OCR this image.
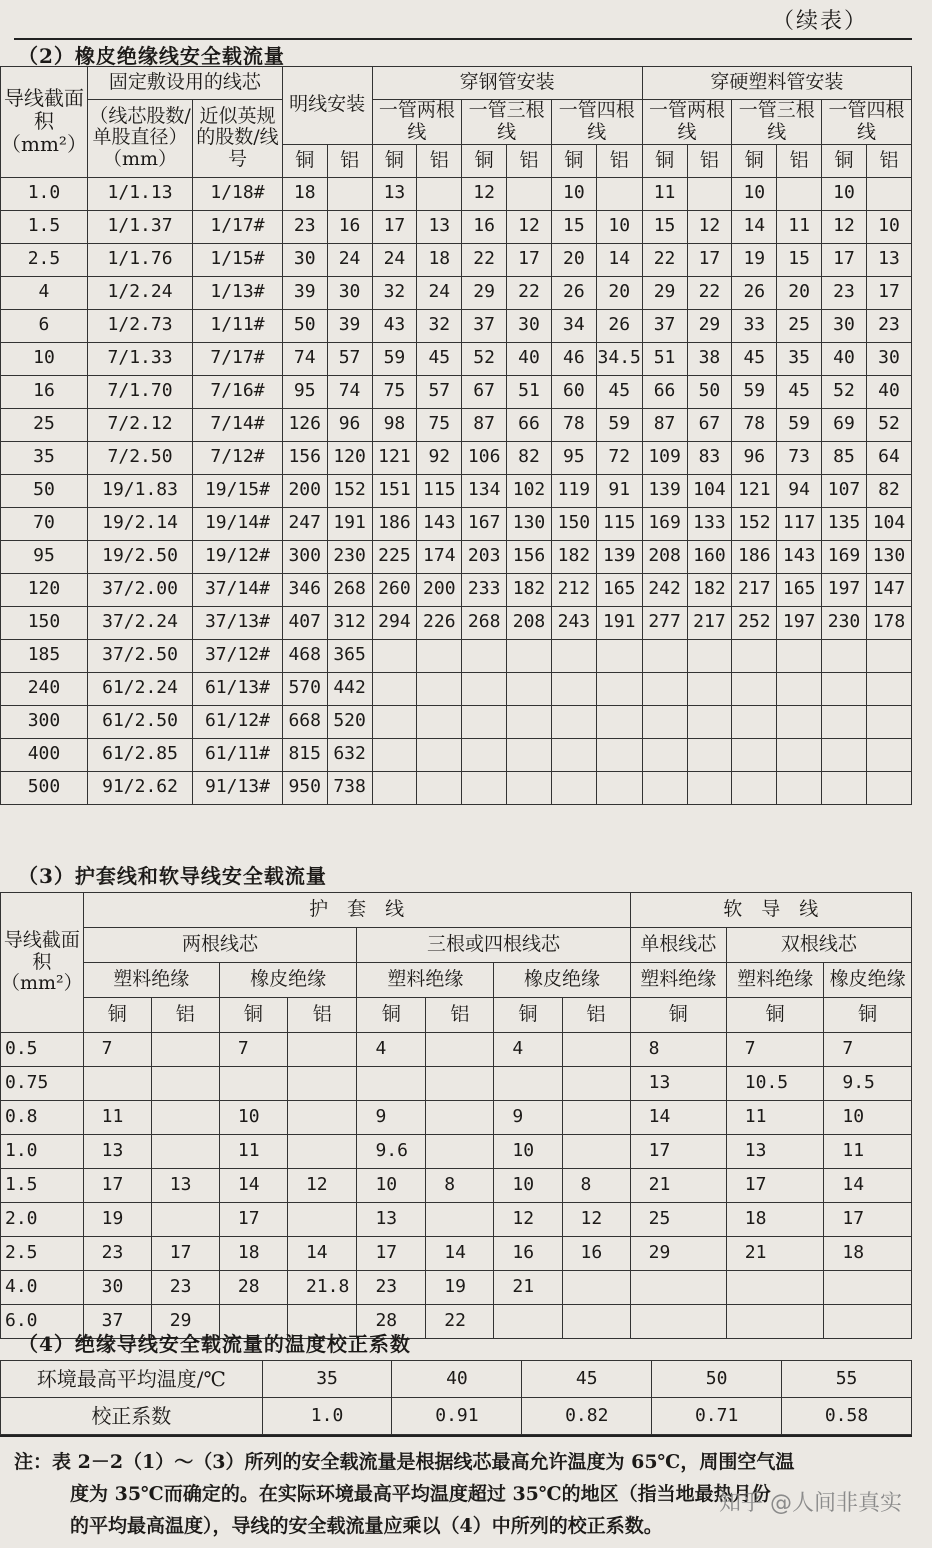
（续表）
（2）橡皮绝缘线安全载流量
导线截面积（mm²）	固定敷设用的线芯		明线安装		穿钢管安装						穿硬塑料管安装					
	（线芯股数/单股直径）（mm）	近似英规的股数/线号			一管两根线		一管三根线		一管四根线		一管两根线		一管三根线		一管四根线	

			铜	铝	铜	铝	铜	铝	铜	铝	铜	铝	铜	铝	铜	铝
1.0	1/1.13	1/18#	18		13		12		10		11		10		10	
1.5	1/1.37	1/17#	23	16	17	13	16	12	15	10	15	12	14	11	12	10
2.5	1/1.76	1/15#	30	24	24	18	22	17	20	14	22	17	19	15	17	13
4	1/2.24	1/13#	39	30	32	24	29	22	26	20	29	22	26	20	23	17
6	1/2.73	1/11#	50	39	43	32	37	30	34	26	37	29	33	25	30	23
10	7/1.33	7/17#	74	57	59	45	52	40	46	34.5	51	38	45	35	40	30
16	7/1.70	7/16#	95	74	75	57	67	51	60	45	66	50	59	45	52	40
25	7/2.12	7/14#	126	96	98	75	87	66	78	59	87	67	78	59	69	52
35	7/2.50	7/12#	156	120	121	92	106	82	95	72	109	83	96	73	85	64
50	19/1.83	19/15#	200	152	151	115	134	102	119	91	139	104	121	94	107	82
70	19/2.14	19/14#	247	191	186	143	167	130	150	115	169	133	152	117	135	104
95	19/2.50	19/12#	300	230	225	174	203	156	182	139	208	160	186	143	169	130
120	37/2.00	37/14#	346	268	260	200	233	182	212	165	242	182	217	165	197	147
150	37/2.24	37/13#	407	312	294	226	268	208	243	191	277	217	252	197	230	178
185	37/2.50	37/12#	468	365												
240	61/2.24	61/13#	570	442												
300	61/2.50	61/12#	668	520												
400	61/2.85	61/11#	815	632												
500	91/2.62	91/13#	950	738												
（3）护套线和软导线安全载流量
导线截面积（mm²）	护　套　线								软　导　线		
	两根线芯				三根或四根线芯				单根线芯	双根线芯	
	塑料绝缘		橡皮绝缘		塑料绝缘		橡皮绝缘		塑料绝缘	塑料绝缘	橡皮绝缘
	铜	铝	铜	铝	铜	铝	铜	铝	铜	铜	铜
0.5	7		7		4		4		8	7	7
0.75									13	10.5	9.5
0.8	11		10		9		9		14	11	10
1.0	13		11		9.6		10		17	13	11
1.5	17	13	14	12	10	8	10	8	21	17	14
2.0	19		17		13		12	12	25	18	17
2.5	23	17	18	14	17	14	16	16	29	21	18
4.0	30	23	28	21.8	23	19	21				
6.0	37	29			28	22					
（4）绝缘导线安全载流量的温度校正系数
环境最高平均温度/℃	35	40	45	50	55
校正系数	1.0	0.91	0.82	0.71	0.58
注：表 2－2（1）～（3）所列的安全载流量是根据线芯最高允许温度为 65℃，周围空气温
度为 35℃而确定的。在实际环境最高平均温度超过 35℃的地区（指当地最热月份
的平均最高温度），导线的安全载流量应乘以（4）中所列的校正系数。
知乎 @人间非真实
